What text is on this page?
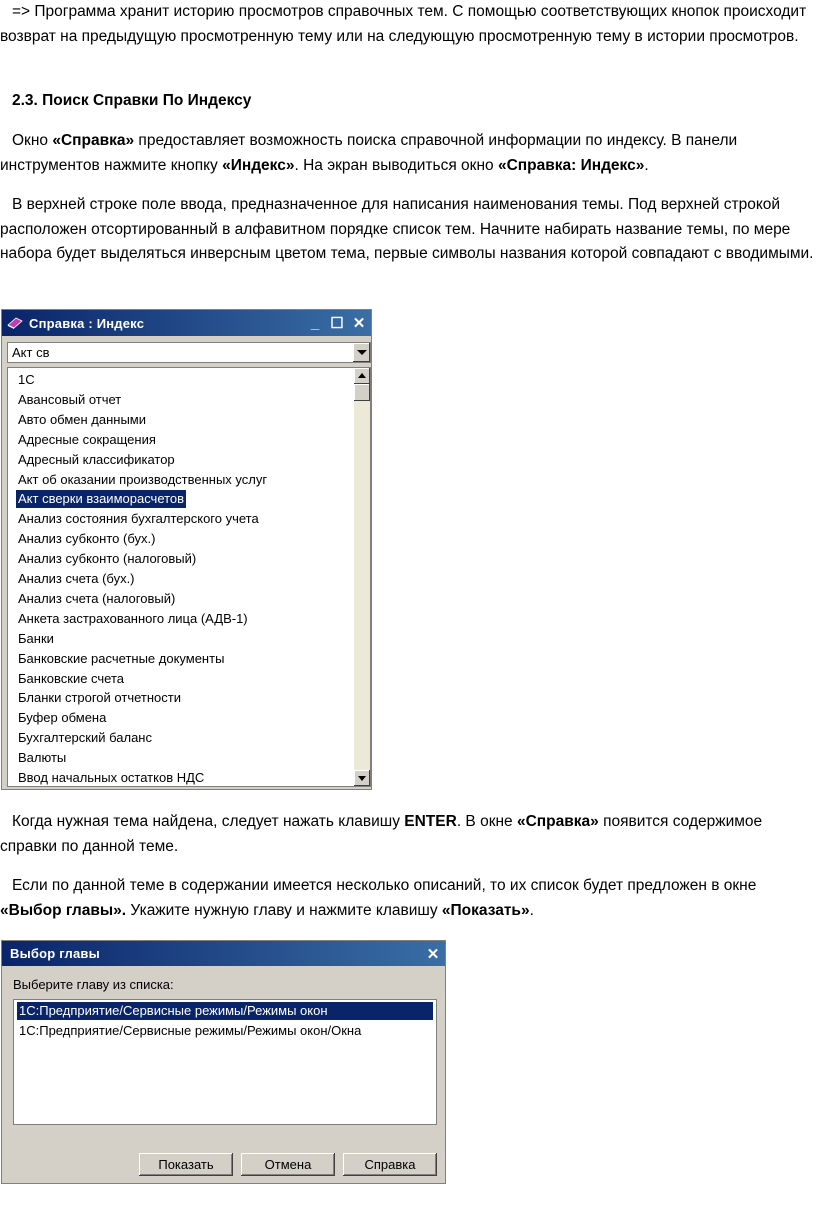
=> Программа хранит историю просмотров справочных тем. С помощью соответствующих кнопок происходит возврат на предыдущую просмотренную тему или на следующую просмотренную тему в истории просмотров.

2.3. Поиск Справки По Индексу

Окно «Справка» предоставляет возможность поиска справочной информации по индексу. В панели инструментов нажмите кнопку «Индекс». На экран выводиться окно «Справка: Индекс».

В верхней строке поле ввода, предназначенное для написания наименования темы. Под верхней строкой расположен отсортированный в алфавитном порядке список тем. Начните набирать название темы, по мере набора будет выделяться инверсным цветом тема, первые символы названия которой совпадают с вводимыми.

Справка : Индекс	_ ☐ ✕
Акт св
1С
Авансовый отчет
Авто обмен данными
Адресные сокращения
Адресный классификатор
Акт об оказании производственных услуг
Акт сверки взаиморасчетов
Анализ состояния бухгалтерского учета
Анализ субконто (бух.)
Анализ субконто (налоговый)
Анализ счета (бух.)
Анализ счета (налоговый)
Анкета застрахованного лица (АДВ-1)
Банки
Банковские расчетные документы
Банковские счета
Бланки строгой отчетности
Буфер обмена
Бухгалтерский баланс
Валюты
Ввод начальных остатков НДС

Когда нужная тема найдена, следует нажать клавишу ENTER. В окне «Справка» появится содержимое справки по данной теме.

Если по данной теме в содержании имеется несколько описаний, то их список будет предложен в окне «Выбор главы». Укажите нужную главу и нажмите клавишу «Показать».

Выбор главы	✕
Выберите главу из списка:
1С:Предприятие/Сервисные режимы/Режимы окон
1С:Предприятие/Сервисные режимы/Режимы окон/Окна
Показать	Отмена	Справка
